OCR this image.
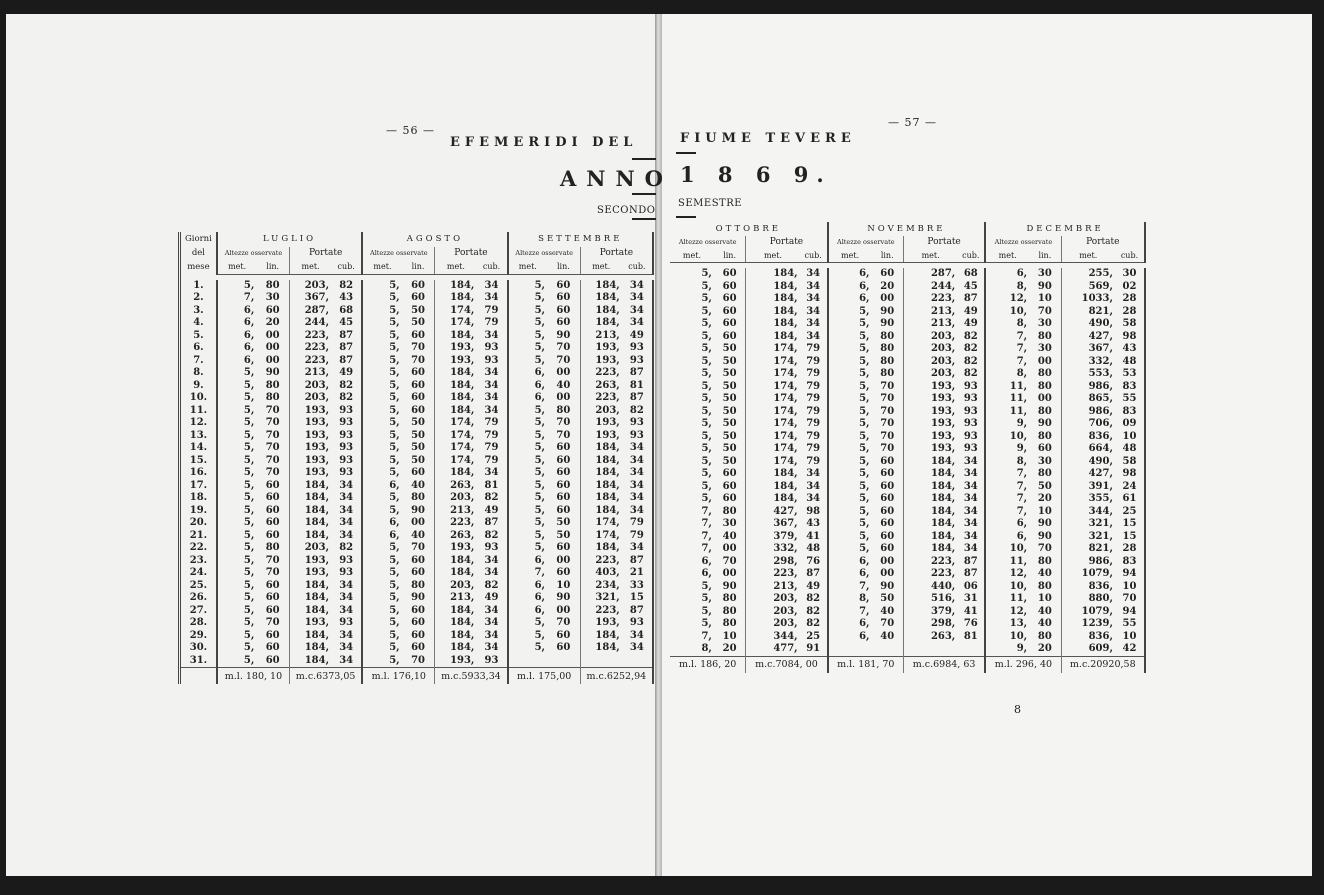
— 56 —
EFEMERIDI DEL
ANNO
SECONDO
— 57 —
FIUME TEVERE
1 8 6 9.
SEMESTRE
Giorni
del
mese	LUGLIO				AGOSTO				SETTEMBRE			
	Altezze osservate		Portate		Altezze osservate		Portate		Altezze osservate		Portate	
	met.	lin.	met.	cub.	met.	lin.	met.	cub.	met.	lin.	met.	cub.

1.	5,	80	203,	82	5,	60	184,	34	5,	60	184,	34
2.	7,	30	367,	43	5,	60	184,	34	5,	60	184,	34
3.	6,	60	287,	68	5,	50	174,	79	5,	60	184,	34
4.	6,	20	244,	45	5,	50	174,	79	5,	60	184,	34
5.	6,	00	223,	87	5,	60	184,	34	5,	90	213,	49
6.	6,	00	223,	87	5,	70	193,	93	5,	70	193,	93
7.	6,	00	223,	87	5,	70	193,	93	5,	70	193,	93
8.	5,	90	213,	49	5,	60	184,	34	6,	00	223,	87
9.	5,	80	203,	82	5,	60	184,	34	6,	40	263,	81
10.	5,	80	203,	82	5,	60	184,	34	6,	00	223,	87
11.	5,	70	193,	93	5,	60	184,	34	5,	80	203,	82
12.	5,	70	193,	93	5,	50	174,	79	5,	70	193,	93
13.	5,	70	193,	93	5,	50	174,	79	5,	70	193,	93
14.	5,	70	193,	93	5,	50	174,	79	5,	60	184,	34
15.	5,	70	193,	93	5,	50	174,	79	5,	60	184,	34
16.	5,	70	193,	93	5,	60	184,	34	5,	60	184,	34
17.	5,	60	184,	34	6,	40	263,	81	5,	60	184,	34
18.	5,	60	184,	34	5,	80	203,	82	5,	60	184,	34
19.	5,	60	184,	34	5,	90	213,	49	5,	60	184,	34
20.	5,	60	184,	34	6,	00	223,	87	5,	50	174,	79
21.	5,	60	184,	34	6,	40	263,	82	5,	50	174,	79
22.	5,	80	203,	82	5,	70	193,	93	5,	60	184,	34
23.	5,	70	193,	93	5,	60	184,	34	6,	00	223,	87
24.	5,	70	193,	93	5,	60	184,	34	7,	60	403,	21
25.	5,	60	184,	34	5,	80	203,	82	6,	10	234,	33
26.	5,	60	184,	34	5,	90	213,	49	6,	90	321,	15
27.	5,	60	184,	34	5,	60	184,	34	6,	00	223,	87
28.	5,	70	193,	93	5,	60	184,	34	5,	70	193,	93
29.	5,	60	184,	34	5,	60	184,	34	5,	60	184,	34
30.	5,	60	184,	34	5,	60	184,	34	5,	60	184,	34
31.	5,	60	184,	34	5,	70	193,	93				
	m.l. 180, 10		m.c.6373,05		m.l. 176,10		m.c.5933,34		m.l. 175,00		m.c.6252,94	
OTTOBRE				NOVEMBRE				DECEMBRE			
Altezze osservate		Portate		Altezze osservate		Portate		Altezze osservate		Portate	
met.	lin.	met.	cub.	met.	lin.	met.	cub.	met.	lin.	met.	cub.

5,	60	184,	34	6,	60	287,	68	6,	30	255,	30
5,	60	184,	34	6,	20	244,	45	8,	90	569,	02
5,	60	184,	34	6,	00	223,	87	12,	10	1033,	28
5,	60	184,	34	5,	90	213,	49	10,	70	821,	28
5,	60	184,	34	5,	90	213,	49	8,	30	490,	58
5,	60	184,	34	5,	80	203,	82	7,	80	427,	98
5,	50	174,	79	5,	80	203,	82	7,	30	367,	43
5,	50	174,	79	5,	80	203,	82	7,	00	332,	48
5,	50	174,	79	5,	80	203,	82	8,	80	553,	53
5,	50	174,	79	5,	70	193,	93	11,	80	986,	83
5,	50	174,	79	5,	70	193,	93	11,	00	865,	55
5,	50	174,	79	5,	70	193,	93	11,	80	986,	83
5,	50	174,	79	5,	70	193,	93	9,	90	706,	09
5,	50	174,	79	5,	70	193,	93	10,	80	836,	10
5,	50	174,	79	5,	70	193,	93	9,	60	664,	48
5,	50	174,	79	5,	60	184,	34	8,	30	490,	58
5,	60	184,	34	5,	60	184,	34	7,	80	427,	98
5,	60	184,	34	5,	60	184,	34	7,	50	391,	24
5,	60	184,	34	5,	60	184,	34	7,	20	355,	61
7,	80	427,	98	5,	60	184,	34	7,	10	344,	25
7,	30	367,	43	5,	60	184,	34	6,	90	321,	15
7,	40	379,	41	5,	60	184,	34	6,	90	321,	15
7,	00	332,	48	5,	60	184,	34	10,	70	821,	28
6,	70	298,	76	6,	00	223,	87	11,	80	986,	83
6,	00	223,	87	6,	00	223,	87	12,	40	1079,	94
5,	90	213,	49	7,	90	440,	06	10,	80	836,	10
5,	80	203,	82	8,	50	516,	31	11,	10	880,	70
5,	80	203,	82	7,	40	379,	41	12,	40	1079,	94
5,	80	203,	82	6,	70	298,	76	13,	40	1239,	55
7,	10	344,	25	6,	40	263,	81	10,	80	836,	10
8,	20	477,	91					9,	20	609,	42
m.l. 186, 20		m.c.7084, 00		m.l. 181, 70		m.c.6984, 63		m.l. 296, 40		m.c.20920,58	
8
